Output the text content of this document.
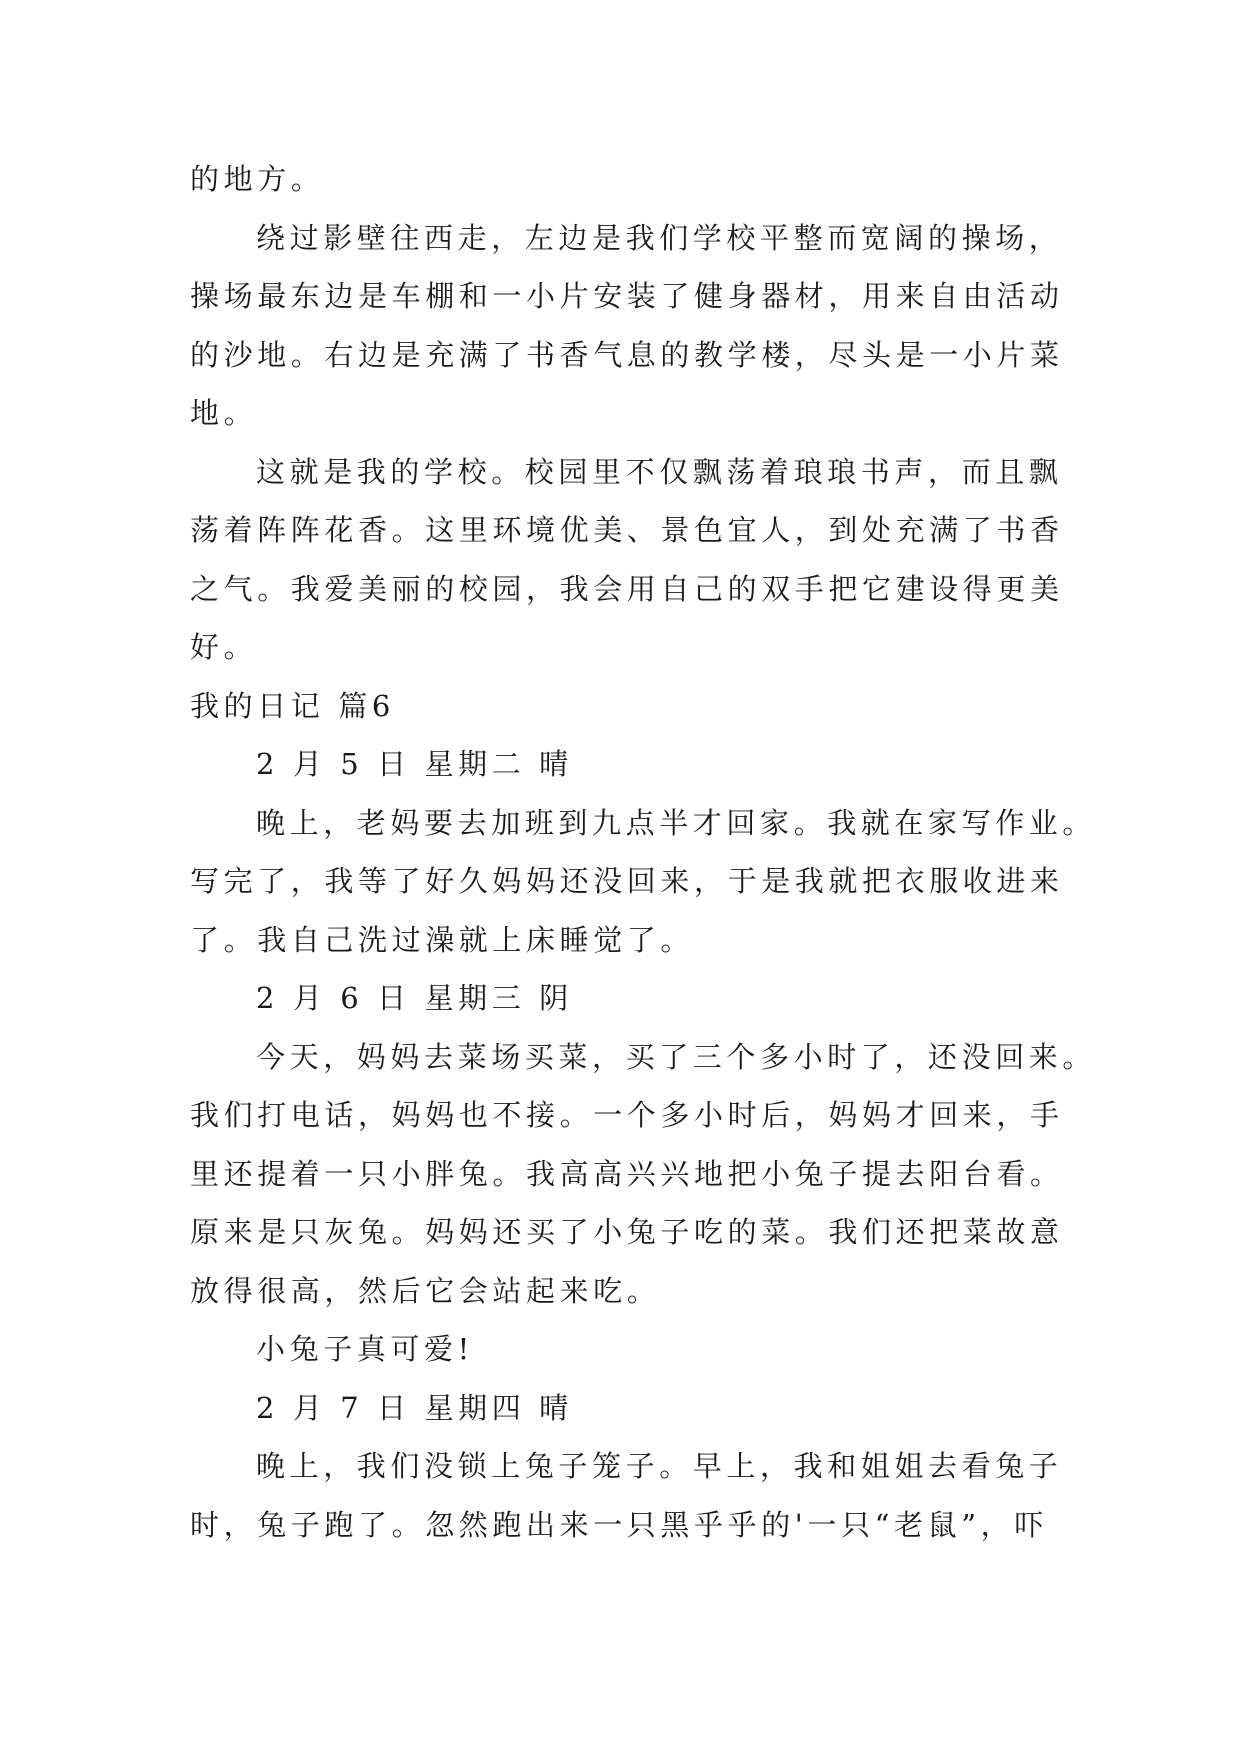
的地方。
绕过影壁往西走，左边是我们学校平整而宽阔的操场，
操场最东边是车棚和一小片安装了健身器材，用来自由活动
的沙地。右边是充满了书香气息的教学楼，尽头是一小片菜
地。
这就是我的学校。校园里不仅飘荡着琅琅书声，而且飘
荡着阵阵花香。这里环境优美、景色宜人，到处充满了书香
之气。我爱美丽的校园，我会用自己的双手把它建设得更美
好。
我的日记 篇6
2 月 5 日 星期二 晴
晚上，老妈要去加班到九点半才回家。我就在家写作业。
写完了，我等了好久妈妈还没回来，于是我就把衣服收进来
了。我自己洗过澡就上床睡觉了。
2 月 6 日 星期三 阴
今天，妈妈去菜场买菜，买了三个多小时了，还没回来。
我们打电话，妈妈也不接。一个多小时后，妈妈才回来，手
里还提着一只小胖兔。我高高兴兴地把小兔子提去阳台看。
原来是只灰兔。妈妈还买了小兔子吃的菜。我们还把菜故意
放得很高，然后它会站起来吃。
小兔子真可爱!
2 月 7 日 星期四 晴
晚上，我们没锁上兔子笼子。早上，我和姐姐去看兔子
时，兔子跑了。忽然跑出来一只黑乎乎的'一只“老鼠”，吓
